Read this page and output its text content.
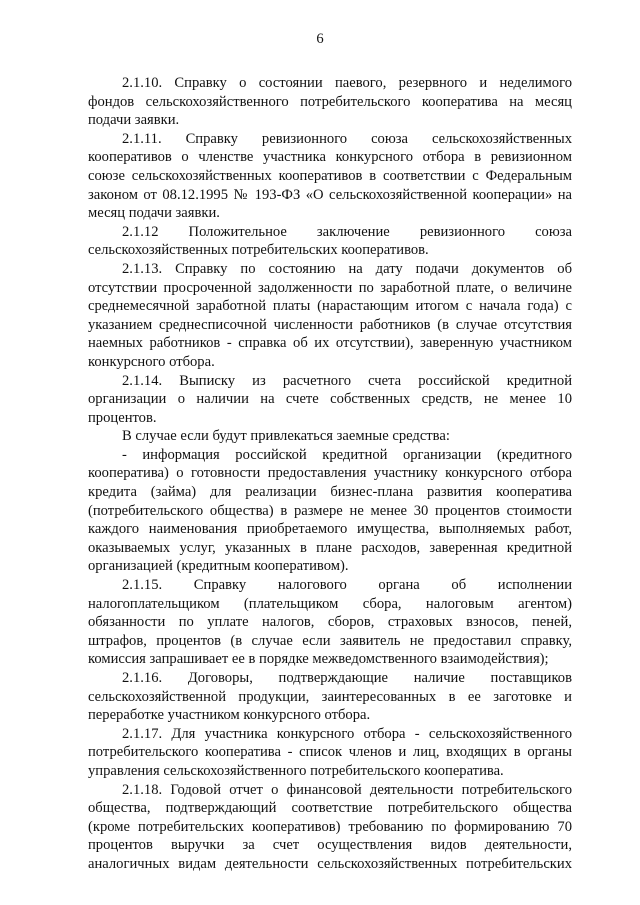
6
2.1.10. Справку о состоянии паевого, резервного и неделимого
фондов сельскохозяйственного потребительского кооператива на месяц
подачи заявки.
2.1.11. Справку ревизионного союза сельскохозяйственных
кооперативов о членстве участника конкурсного отбора в ревизионном
союзе сельскохозяйственных кооперативов в соответствии с Федеральным
законом от 08.12.1995 № 193-ФЗ «О сельскохозяйственной кооперации» на
месяц подачи заявки.
2.1.12 Положительное заключение ревизионного союза
сельскохозяйственных потребительских кооперативов.
2.1.13. Справку по состоянию на дату подачи документов об
отсутствии просроченной задолженности по заработной плате, о величине
среднемесячной заработной платы (нарастающим итогом с начала года) с
указанием среднесписочной численности работников (в случае отсутствия
наемных работников - справка об их отсутствии), заверенную участником
конкурсного отбора.
2.1.14. Выписку из расчетного счета российской кредитной
организации о наличии на счете собственных средств, не менее 10
процентов.
В случае если будут привлекаться заемные средства:
- информация российской кредитной организации (кредитного
кооператива) о готовности предоставления участнику конкурсного отбора
кредита (займа) для реализации бизнес-плана развития кооператива
(потребительского общества) в размере не менее 30 процентов стоимости
каждого наименования приобретаемого имущества, выполняемых работ,
оказываемых услуг, указанных в плане расходов, заверенная кредитной
организацией (кредитным кооперативом).
2.1.15. Справку налогового органа об исполнении
налогоплательщиком (плательщиком сбора, налоговым агентом)
обязанности по уплате налогов, сборов, страховых взносов, пеней,
штрафов, процентов (в случае если заявитель не предоставил справку,
комиссия запрашивает ее в порядке межведомственного взаимодействия);
2.1.16. Договоры, подтверждающие наличие поставщиков
сельскохозяйственной продукции, заинтересованных в ее заготовке и
переработке участником конкурсного отбора.
2.1.17. Для участника конкурсного отбора - сельскохозяйственного
потребительского кооператива - список членов и лиц, входящих в органы
управления сельскохозяйственного потребительского кооператива.
2.1.18. Годовой отчет о финансовой деятельности потребительского
общества, подтверждающий соответствие потребительского общества
(кроме потребительских кооперативов) требованию по формированию 70
процентов выручки за счет осуществления видов деятельности,
аналогичных видам деятельности сельскохозяйственных потребительских
